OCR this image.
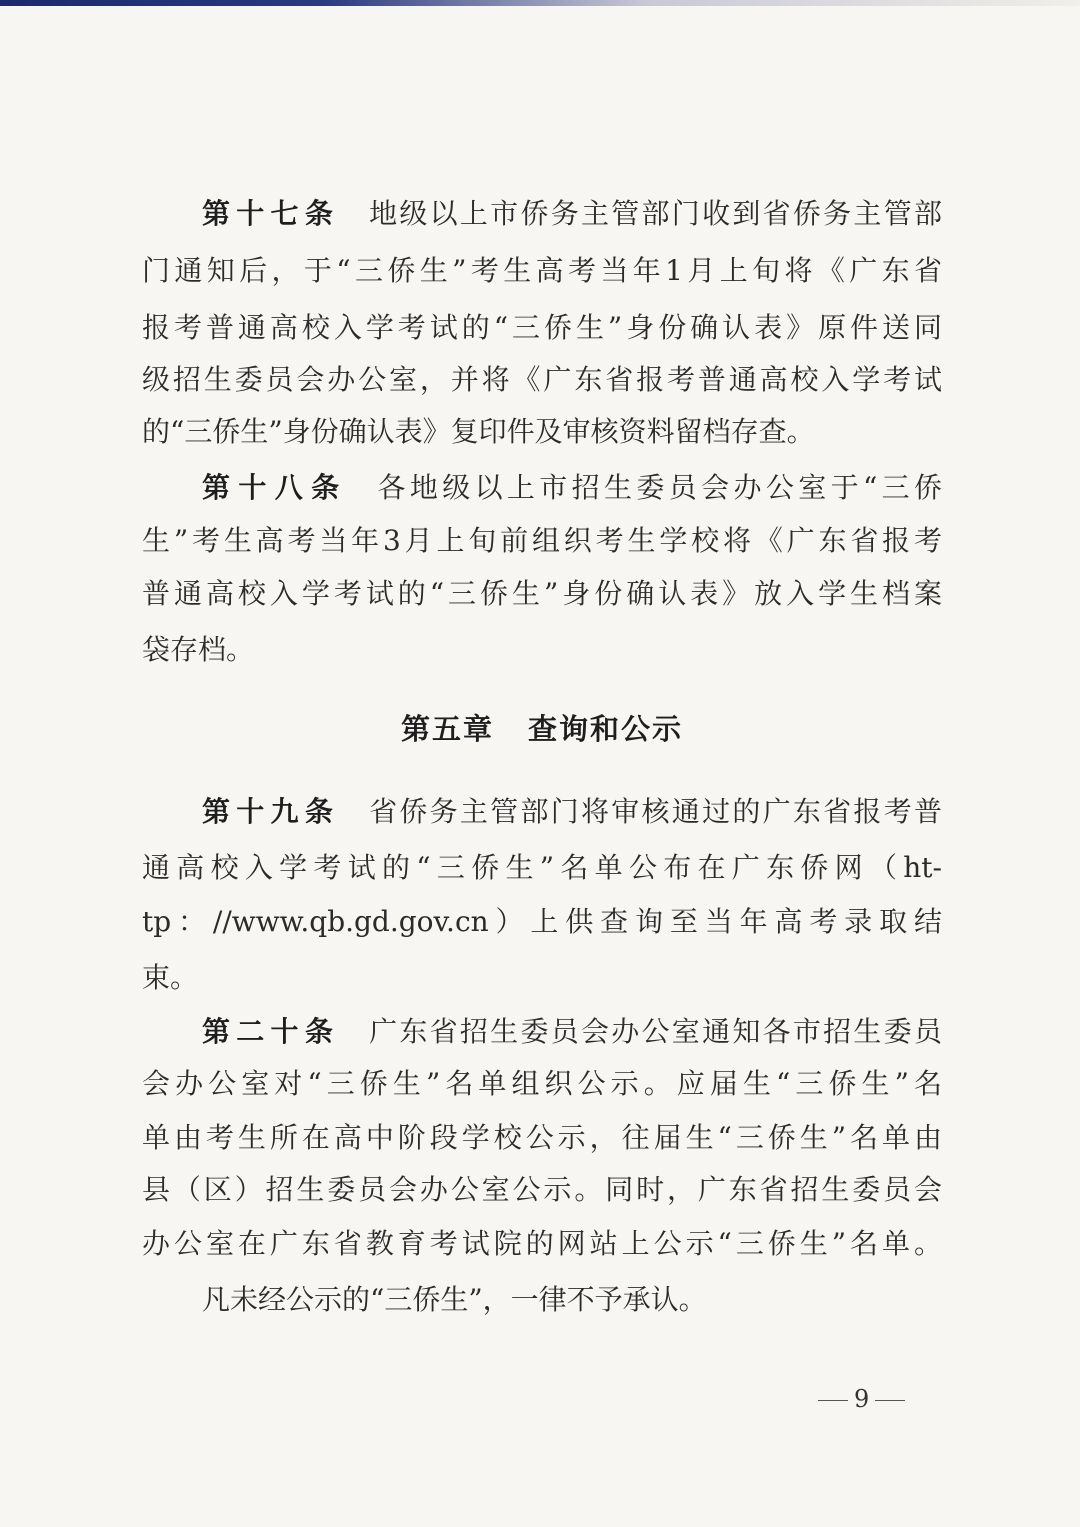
第十七条 地级以上市侨务主管部门收到省侨务主管部
门通知后，于“三侨生”考生高考当年1月上旬将《广东省
报考普通高校入学考试的“三侨生”身份确认表》原件送同
级招生委员会办公室，并将《广东省报考普通高校入学考试
的“三侨生”身份确认表》复印件及审核资料留档存查。
第十八条 各地级以上市招生委员会办公室于“三侨
生”考生高考当年3月上旬前组织考生学校将《广东省报考
普通高校入学考试的“三侨生”身份确认表》放入学生档案
袋存档。
第五章 查询和公示
第十九条 省侨务主管部门将审核通过的广东省报考普
通高校入学考试的“三侨生”名单公布在广东侨网（ht-
tp：//www.qb.gd.gov.cn）上供查询至当年高考录取结
束。
第二十条 广东省招生委员会办公室通知各市招生委员
会办公室对“三侨生”名单组织公示。应届生“三侨生”名
单由考生所在高中阶段学校公示，往届生“三侨生”名单由
县（区）招生委员会办公室公示。同时，广东省招生委员会
办公室在广东省教育考试院的网站上公示“三侨生”名单。
凡未经公示的“三侨生”，一律不予承认。
9
